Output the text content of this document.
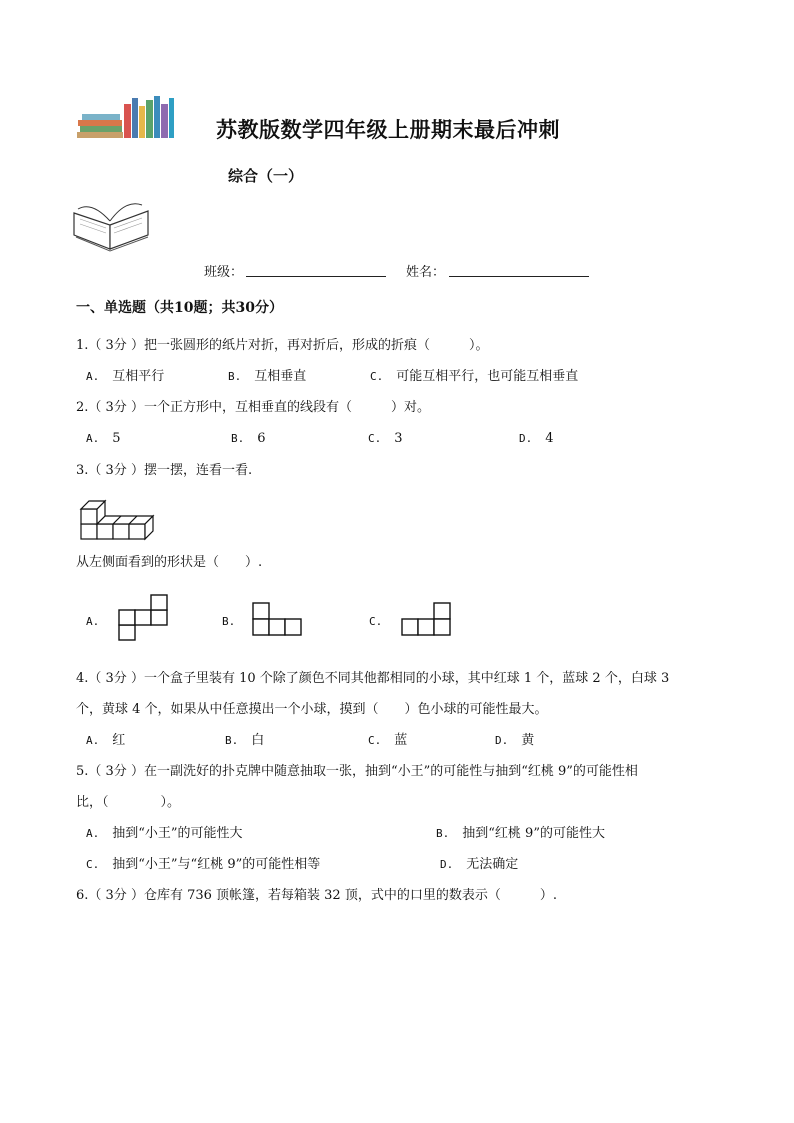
苏教版数学四年级上册期末最后冲刺
综合（一）
班级：	姓名：
一、单选题（共10题；共30分）
1.（ 3分 ）把一张圆形的纸片对折，再对折后，形成的折痕（　　　）。
A.　 互相平行	B.　 互相垂直	C.　 可能互相平行，也可能互相垂直
2.（ 3分 ）一个正方形中，互相垂直的线段有（　　　）对。
A.　 5	B.　 6	C.　 3	D.　 4
3.（ 3分 ）摆一摆，连看一看.
从左侧面看到的形状是（　　）.
A.	B.	C.
4.（ 3分 ）一个盒子里装有 10 个除了颜色不同其他都相同的小球，其中红球 1 个，蓝球 2 个，白球 3
个，黄球 4 个，如果从中任意摸出一个小球，摸到（　　）色小球的可能性最大。
A.　 红	B.　 白	C.　 蓝	D.　 黄
5.（ 3分 ）在一副洗好的扑克牌中随意抽取一张，抽到“小王”的可能性与抽到“红桃 9”的可能性相
比，（　　　　）。
A.　 抽到“小王”的可能性大	B.　 抽到“红桃 9”的可能性大
C.　 抽到“小王”与“红桃 9”的可能性相等	D.　 无法确定
6.（ 3分 ）仓库有 736 顶帐篷，若每箱装 32 顶，式中的口里的数表示（　　　）.
